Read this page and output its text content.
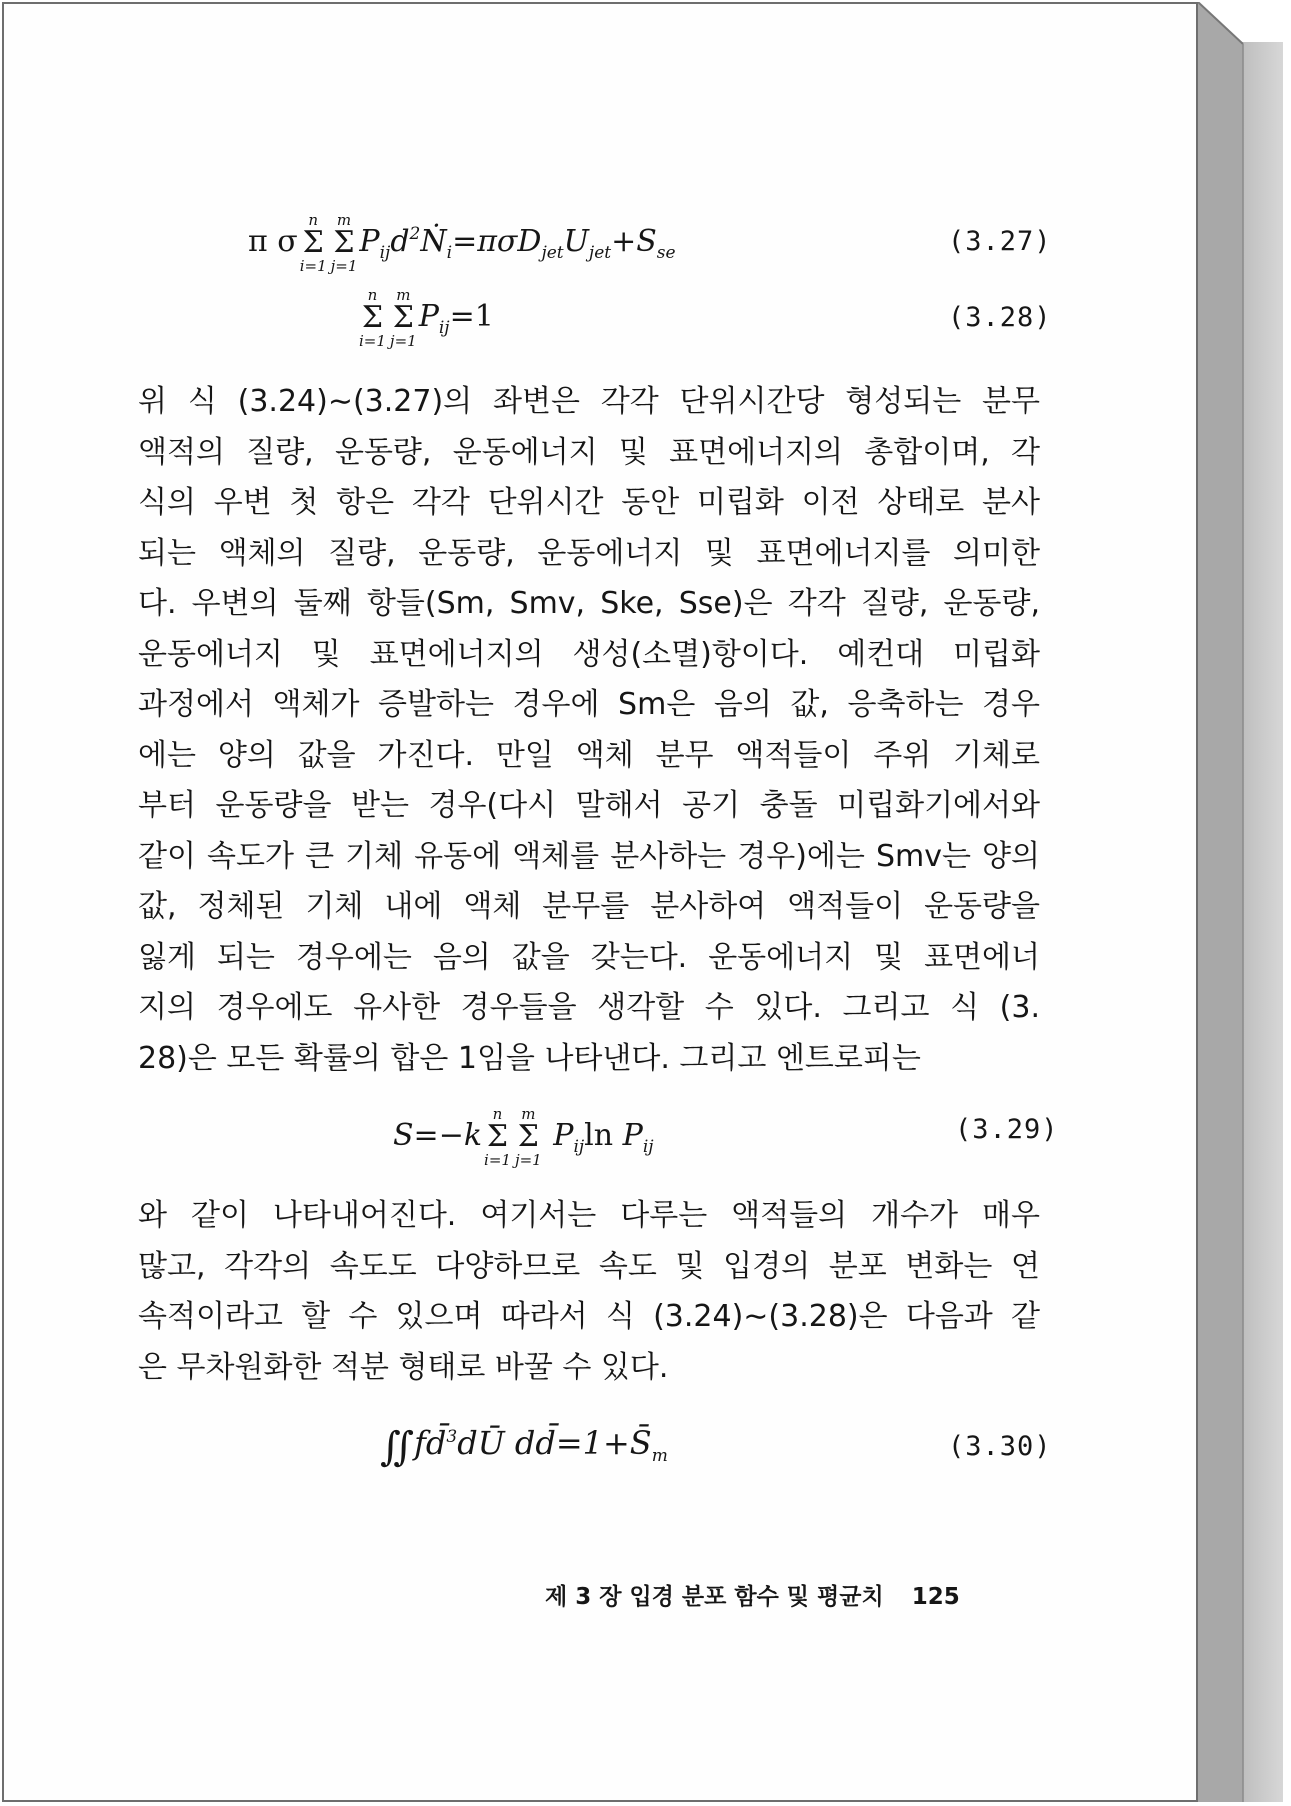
π σ
n
Σ
i=1
m
Σ
j=1
$P_{ij}d^2Ṅ_i=\pi\sigma D_{jet}U_{jet}+S_{se}$	(3.27)
n
Σ
i=1
m
Σ
j=1
$P_{ij}=1$	(3.28)
위 식 (3.24)∼(3.27)의 좌변은 각각 단위시간당 형성되는 분무
액적의 질량, 운동량, 운동에너지 및 표면에너지의 총합이며, 각
식의 우변 첫 항은 각각 단위시간 동안 미립화 이전 상태로 분사
되는 액체의 질량, 운동량, 운동에너지 및 표면에너지를 의미한
다. 우변의 둘째 항들(Sm, Smv, Ske, Sse)은 각각 질량, 운동량,
운동에너지 및 표면에너지의 생성(소멸)항이다. 예컨대 미립화
과정에서 액체가 증발하는 경우에 Sm은 음의 값, 응축하는 경우
에는 양의 값을 가진다. 만일 액체 분무 액적들이 주위 기체로
부터 운동량을 받는 경우(다시 말해서 공기 충돌 미립화기에서와
같이 속도가 큰 기체 유동에 액체를 분사하는 경우)에는 Smv는 양의
값, 정체된 기체 내에 액체 분무를 분사하여 액적들이 운동량을
잃게 되는 경우에는 음의 값을 갖는다. 운동에너지 및 표면에너
지의 경우에도 유사한 경우들을 생각할 수 있다. 그리고 식 (3.
28)은 모든 확률의 합은 1임을 나타낸다. 그리고 엔트로피는
S=−k
n
Σ
i=1
m
Σ
j=1
$P_{ij}\ln$ $P_{ij}$
(3.29)
와 같이 나타내어진다. 여기서는 다루는 액적들의 개수가 매우
많고, 각각의 속도도 다양하므로 속도 및 입경의 분포 변화는 연
속적이라고 할 수 있으며 따라서 식 (3.24)∼(3.28)은 다음과 같
은 무차원화한 적분 형태로 바꿀 수 있다.
∬fd̄$^3$dŪ $dd̄=1+S̄_m$	(3.30)
제 3 장 입경 분포 함수 및 평균치 125
